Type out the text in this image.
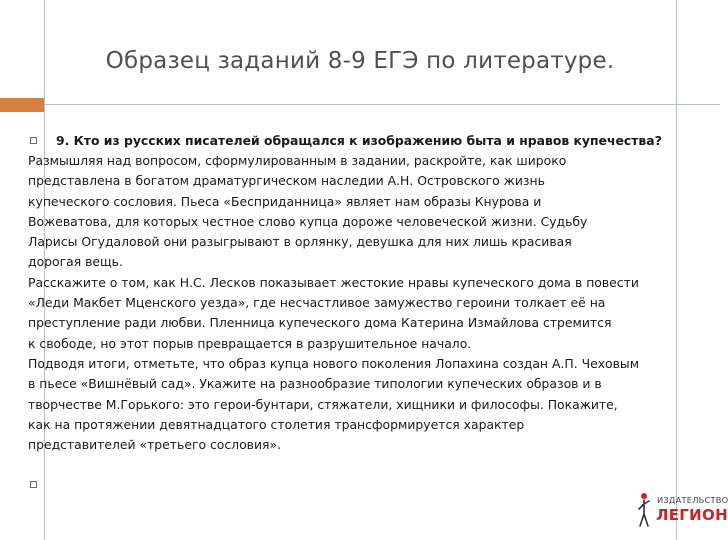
Образец заданий 8-9 ЕГЭ по литературе.
9. Кто из русских писателей обращался к изображению быта и нравов купечества?

Размышляя над вопросом, сформулированным в задании, раскройте, как широко
представлена в богатом драматургическом наследии А.Н. Островского жизнь
купеческого сословия. Пьеса «Бесприданница» являет нам образы Кнурова и
Вожеватова, для которых честное слово купца дороже человеческой жизни. Судьбу
Ларисы Огудаловой они разыгрывают в орлянку, девушка для них лишь красивая
дорогая вещь.

Расскажите о том, как Н.С. Лесков показывает жестокие нравы купеческого дома в повести
«Леди Макбет Мценского уезда», где несчастливое замужество героини толкает её на
преступление ради любви. Пленница купеческого дома Катерина Измайлова стремится
к свободе, но этот порыв превращается в разрушительное начало.

Подводя итоги, отметьте, что образ купца нового поколения Лопахина создан А.П. Чеховым
в пьесе «Вишнёвый сад». Укажите на разнообразие типологии купеческих образов и в
творчестве М.Горького: это герои-бунтари, стяжатели, хищники и философы. Покажите,
как на протяжении девятнадцатого столетия трансформируется характер
представителей «третьего сословия».

ИЗДАТЕЛЬСТВО
ЛЕГИОН
